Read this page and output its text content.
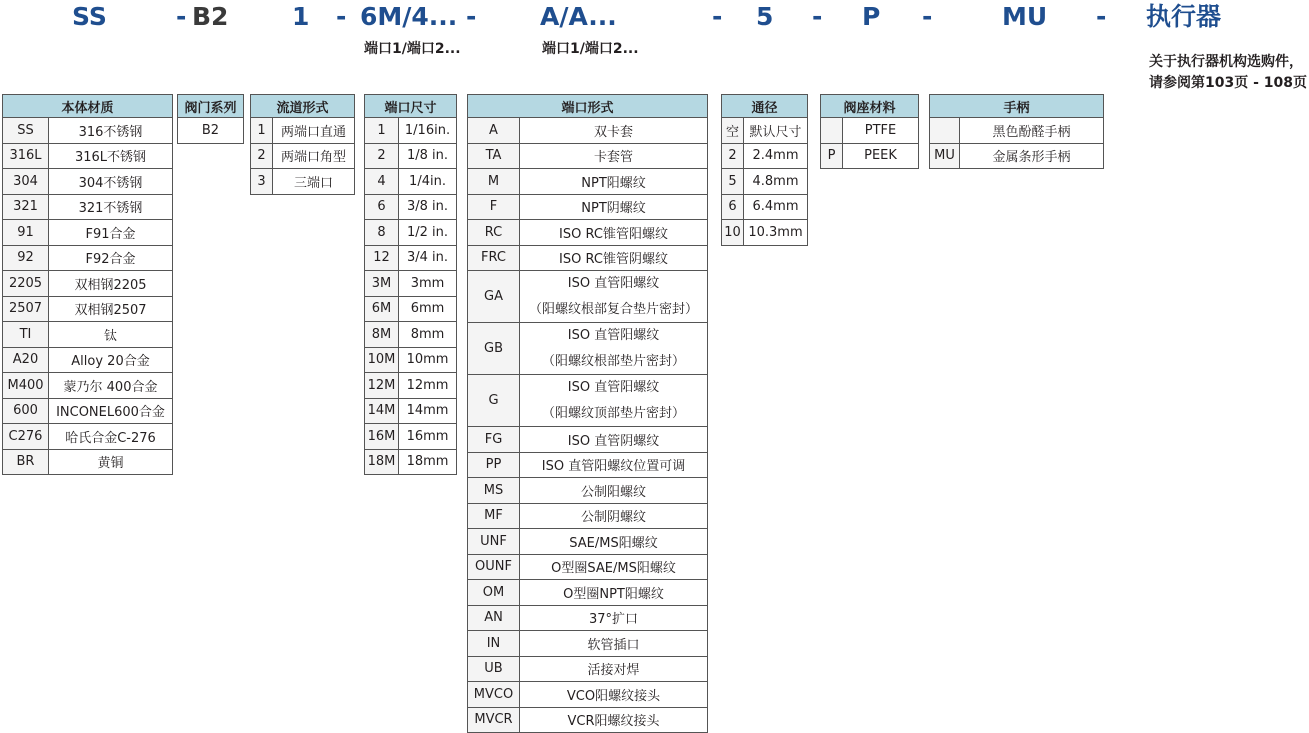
SS	- B2	1 - 6M/4... -	A/A...	- 5 - P -	MU - 执行器
端口1/端口2...	端口1/端口2...
关于执行器机构选购件，
请参阅第103页 - 108页
本体材质	
SS	316不锈钢
316L	316L不锈钢
304	304不锈钢
321	321不锈钢
91	F91合金
92	F92合金
2205	双相钢2205
2507	双相钢2507
TI	钛
A20	Alloy 20合金
M400	蒙乃尔 400合金
600	INCONEL600合金
C276	哈氏合金C-276
BR	黄铜
阀门系列
B2
流道形式	
1	两端口直通
2	两端口角型
3	三端口
端口尺寸	
1	1/16in.
2	1/8 in.
4	1/4in.
6	3/8 in.
8	1/2 in.
12	3/4 in.
3M	3mm
6M	6mm
8M	8mm
10M	10mm
12M	12mm
14M	14mm
16M	16mm
18M	18mm
端口形式	
A	双卡套
TA	卡套管
M	NPT阳螺纹
F	NPT阴螺纹
RC	ISO RC锥管阳螺纹
FRC	ISO RC锥管阴螺纹
GA	ISO 直管阳螺纹
（阳螺纹根部复合垫片密封）

GB	ISO 直管阳螺纹
（阳螺纹根部垫片密封）

G	ISO 直管阳螺纹
（阳螺纹顶部垫片密封）

FG	ISO 直管阴螺纹
PP	ISO 直管阳螺纹位置可调
MS	公制阳螺纹
MF	公制阴螺纹
UNF	SAE/MS阳螺纹
OUNF	O型圈SAE/MS阳螺纹
OM	O型圈NPT阳螺纹
AN	37°扩口
IN	软管插口
UB	活接对焊
MVCO	VCO阳螺纹接头
MVCR	VCR阳螺纹接头
通径	
空	默认尺寸
2	2.4mm
5	4.8mm
6	6.4mm
10	10.3mm
阀座材料	
	PTFE
P	PEEK
手柄	
	黑色酚醛手柄
MU	金属条形手柄
